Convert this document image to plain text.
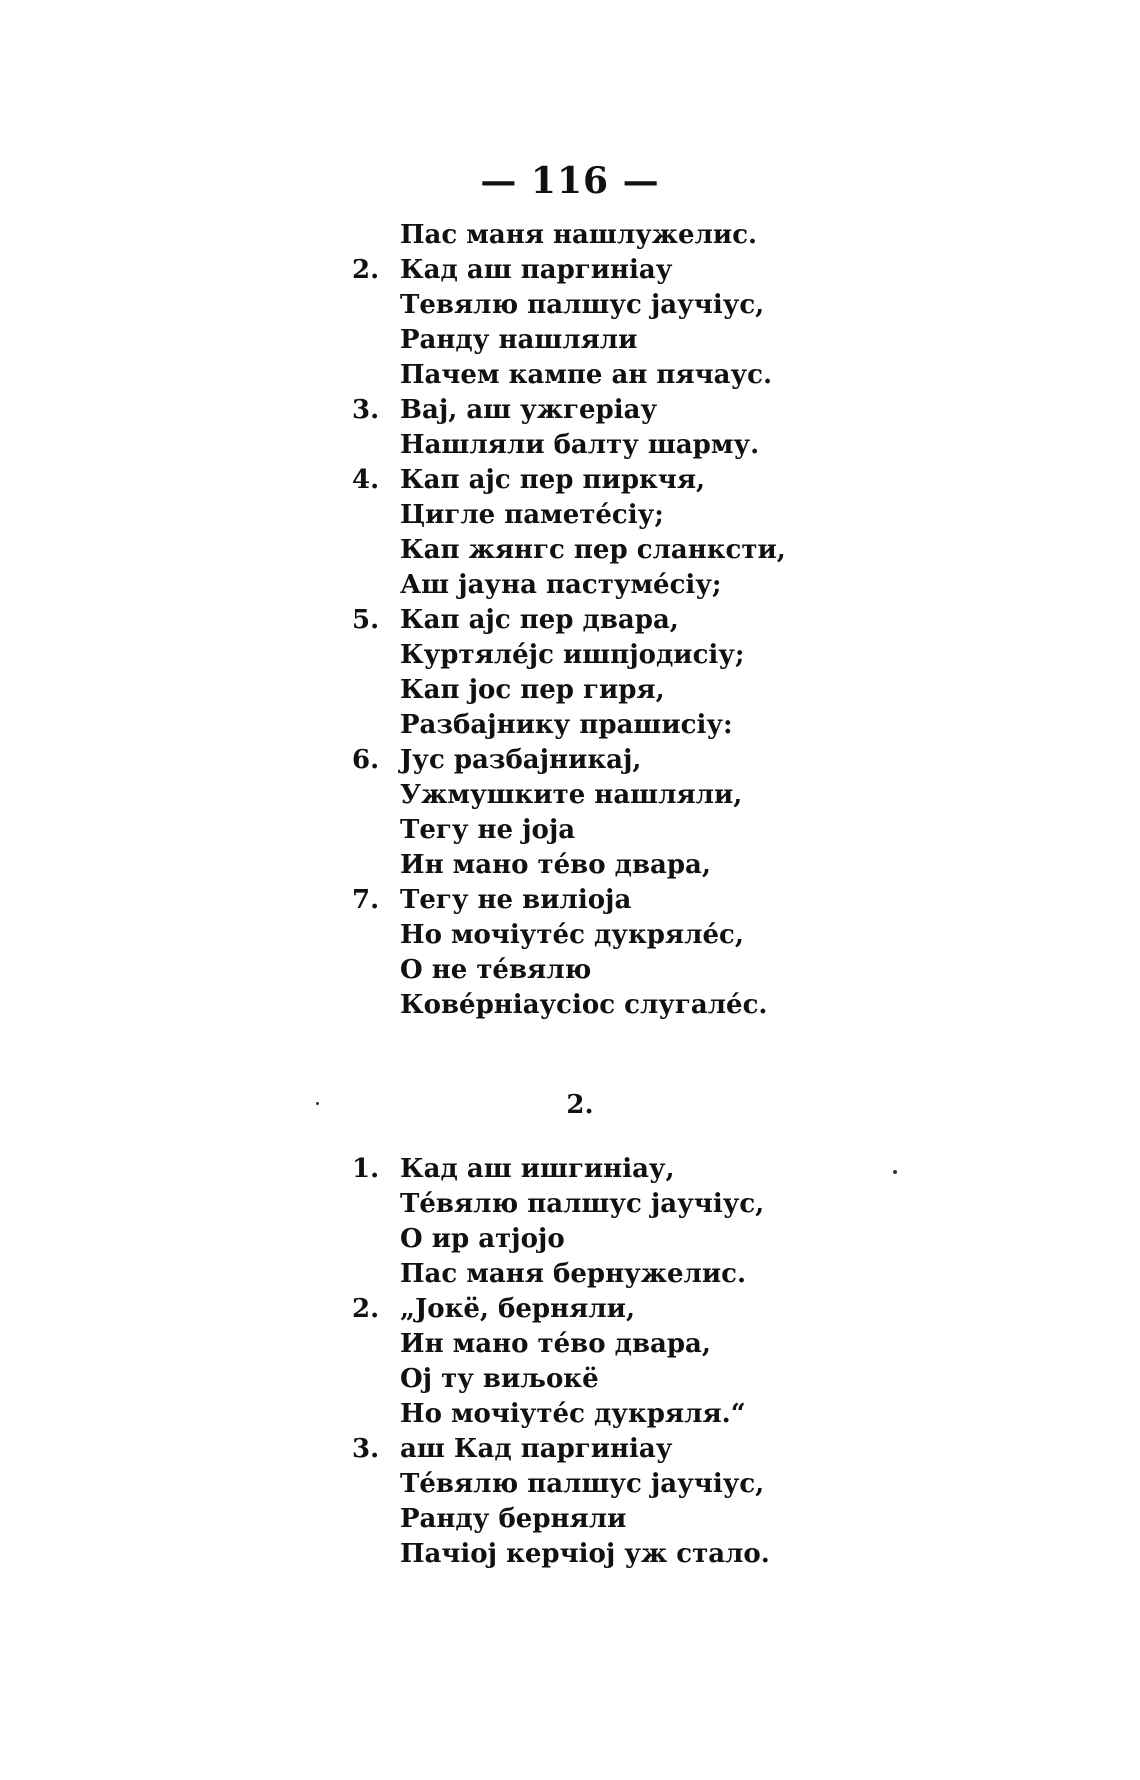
— 116 —
Пас маня нашлужелис.
2. Кад аш паргиніау
Тевялю палшус јаучіус,
Ранду нашляли
Пачем кампе ан пячаус.
3. Вај, аш ужгеріау
Нашляли балту шарму.
4. Кап ајс пер пиркчя,
Цигле памете́сіу;
Кап жянгс пер сланксти,
Аш јауна пастуме́сіу;
5. Кап ајс пер двара,
Куртяле́јс ишпјодисіу;
Кап јос пер гиря,
Разбајнику прашисіу:
6. Јус разбајникај,
Ужмушките нашляли,
Тегу не јоја
Ин мано те́во двара,
7. Тегу не виліоја
Но мочіуте́с дукряле́с,
О не те́вялю
Кове́рніаусіос слугале́с.
2.
1. Кад аш ишгиніау,
Те́вялю палшус јаучіус,
О ир атјојо
Пас маня бернужелис.
2. „Јокё, берняли,
Ин мано те́во двара,
Ој ту виљокё
Но мочіуте́с дукряля.“
3. аш Кад паргиніау
Те́вялю палшус јаучіус,
Ранду берняли
Пачіој керчіој уж стало.
